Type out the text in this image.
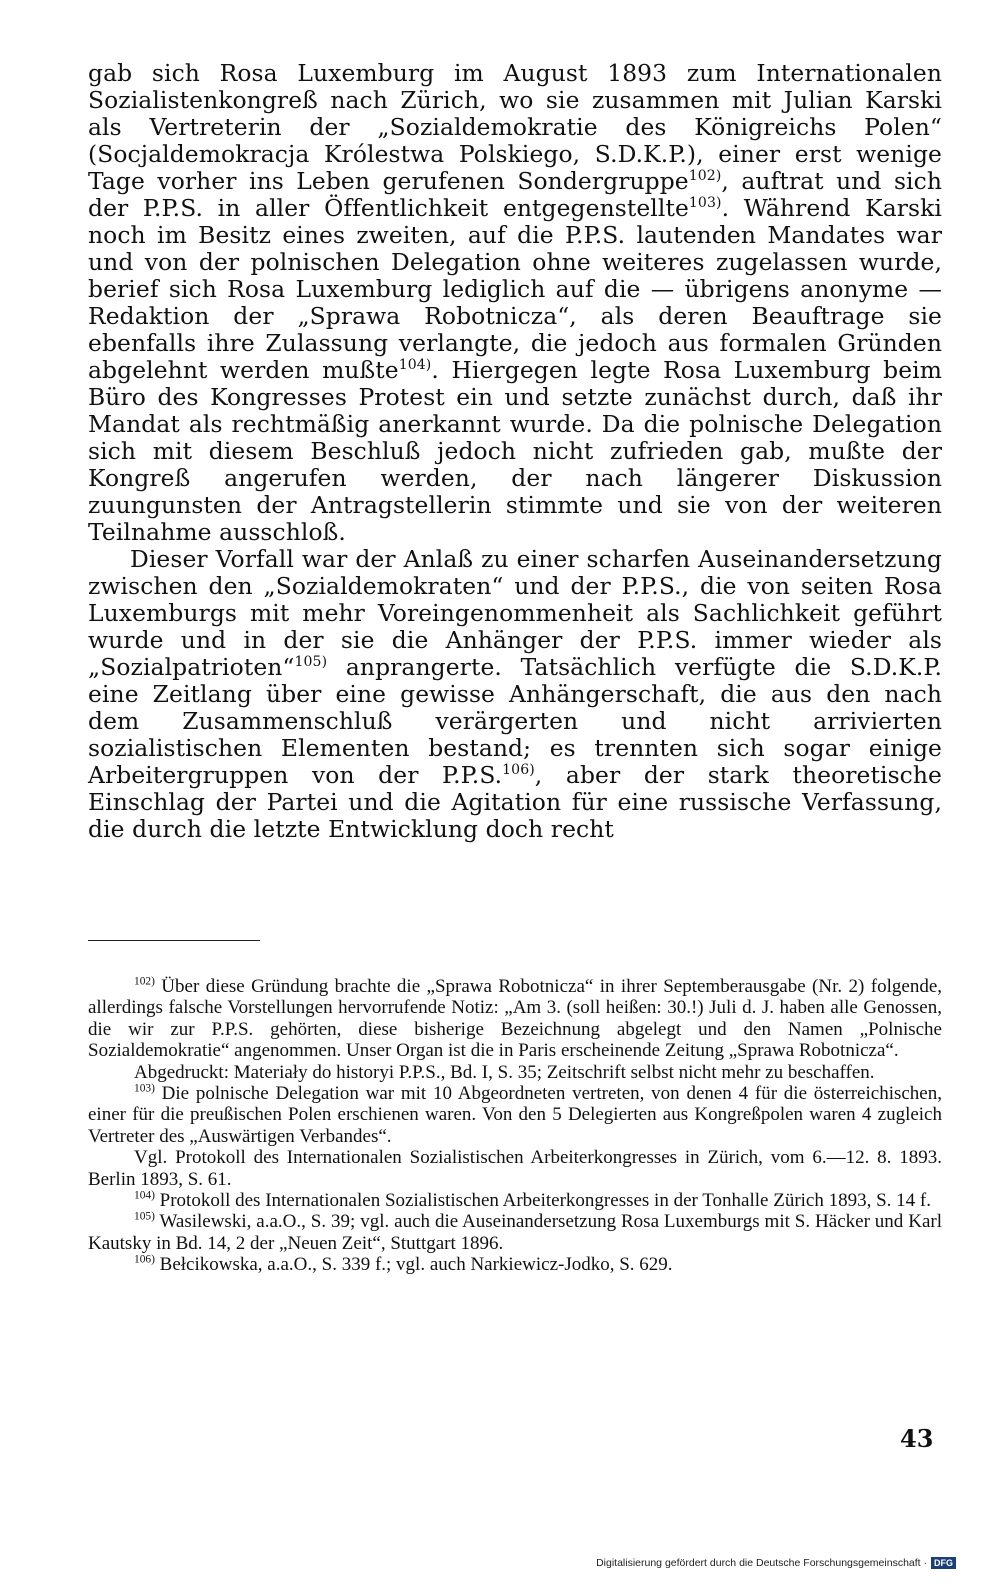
gab sich Rosa Luxemburg im August 1893 zum Internationalen Sozialistenkongreß nach Zürich, wo sie zusammen mit Julian Karski als Vertreterin der „Sozialdemokratie des Königreichs Polen“ (Socjaldemokracja Królestwa Polskiego, S.D.K.P.), einer erst wenige Tage vorher ins Leben gerufenen Sondergruppe$^{102)}$, auftrat und sich der P.P.S. in aller Öffentlichkeit entgegenstellte$^{103)}$. Während Karski noch im Besitz eines zweiten, auf die P.P.S. lautenden Mandates war und von der polnischen Delegation ohne weiteres zugelassen wurde, berief sich Rosa Luxemburg lediglich auf die — übrigens anonyme — Redaktion der „Sprawa Robotnicza“, als deren Beauftrage sie ebenfalls ihre Zulassung verlangte, die jedoch aus formalen Gründen abgelehnt werden mußte$^{104)}$. Hiergegen legte Rosa Luxemburg beim Büro des Kongresses Protest ein und setzte zunächst durch, daß ihr Mandat als rechtmäßig anerkannt wurde. Da die polnische Delegation sich mit diesem Beschluß jedoch nicht zufrieden gab, mußte der Kongreß angerufen werden, der nach längerer Diskussion zuungunsten der Antragstellerin stimmte und sie von der weiteren Teilnahme ausschloß.

Dieser Vorfall war der Anlaß zu einer scharfen Auseinandersetzung zwischen den „Sozialdemokraten“ und der P.P.S., die von seiten Rosa Luxemburgs mit mehr Voreingenommenheit als Sachlichkeit geführt wurde und in der sie die Anhänger der P.P.S. immer wieder als „Sozialpatrioten“$^{105)}$ anprangerte. Tatsächlich verfügte die S.D.K.P. eine Zeitlang über eine gewisse Anhängerschaft, die aus den nach dem Zusammenschluß verärgerten und nicht arrivierten sozialistischen Elementen bestand; es trennten sich sogar einige Arbeitergruppen von der P.P.S.$^{106)}$, aber der stark theoretische Einschlag der Partei und die Agitation für eine russische Verfassung, die durch die letzte Entwicklung doch recht

$^{102)}$ Über diese Gründung brachte die „Sprawa Robotnicza“ in ihrer Septemberausgabe (Nr. 2) folgende, allerdings falsche Vorstellungen hervorrufende Notiz: „Am 3. (soll heißen: 30.!) Juli d. J. haben alle Genossen, die wir zur P.P.S. gehörten, diese bisherige Bezeichnung abgelegt und den Namen „Polnische Sozialdemokratie“ angenommen. Unser Organ ist die in Paris erscheinende Zeitung „Sprawa Robotnicza“.

Abgedruckt: Materiały do historyi P.P.S., Bd. I, S. 35; Zeitschrift selbst nicht mehr zu beschaffen.

$^{103)}$ Die polnische Delegation war mit 10 Abgeordneten vertreten, von denen 4 für die österreichischen, einer für die preußischen Polen erschienen waren. Von den 5 Delegierten aus Kongreßpolen waren 4 zugleich Vertreter des „Auswärtigen Verbandes“.

Vgl. Protokoll des Internationalen Sozialistischen Arbeiterkongresses in Zürich, vom 6.—12. 8. 1893. Berlin 1893, S. 61.

$^{104)}$ Protokoll des Internationalen Sozialistischen Arbeiterkongresses in der Tonhalle Zürich 1893, S. 14 f.

$^{105)}$ Wasilewski, a.a.O., S. 39; vgl. auch die Auseinandersetzung Rosa Luxemburgs mit S. Häcker und Karl Kautsky in Bd. 14, 2 der „Neuen Zeit“, Stuttgart 1896.

$^{106)}$ Bełcikowska, a.a.O., S. 339 f.; vgl. auch Narkiewicz-Jodko, S. 629.

43
Digitalisierung gefördert durch die Deutsche Forschungsgemeinschaft · DFG
